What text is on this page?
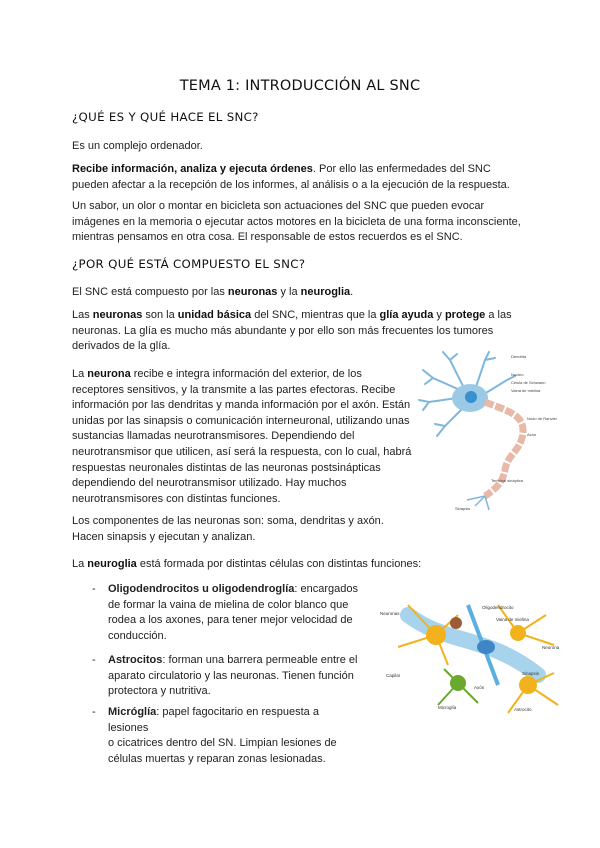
TEMA 1: INTRODUCCIÓN AL SNC
¿QUÉ ES Y QUÉ HACE EL SNC?
Es un complejo ordenador.
Recibe información, analiza y ejecuta órdenes. Por ello las enfermedades del SNC
pueden afectar a la recepción de los informes, al análisis o a la ejecución de la respuesta.
Un sabor, un olor o montar en bicicleta son actuaciones del SNC que pueden evocar
imágenes en la memoria o ejecutar actos motores en la bicicleta de una forma inconsciente,
mientras pensamos en otra cosa. El responsable de estos recuerdos es el SNC.
¿POR QUÉ ESTÁ COMPUESTO EL SNC?
El SNC está compuesto por las neuronas y la neuroglia.
Las neuronas son la unidad básica del SNC, mientras que la glía ayuda y protege a las
neuronas. La glía es mucho más abundante y por ello son más frecuentes los tumores
derivados de la glía.
La neurona recibe e integra información del exterior, de los
receptores sensitivos, y la transmite a las partes efectoras. Recibe
información por las dendritas y manda información por el axón. Están
unidas por las sinapsis o comunicación interneuronal, utilizando unas
sustancias llamadas neurotransmisores. Dependiendo del
neurotransmisor que utilicen, así será la respuesta, con lo cual, habrá
respuestas neuronales distintas de las neuronas postsinápticas
dependiendo del neurotransmisor utilizado. Hay muchos
neurotransmisores con distintas funciones.
Los componentes de las neuronas son: soma, dendritas y axón.
Hacen sinapsis y ejecutan y analizan.
La neuroglia está formada por distintas células con distintas funciones:
- Oligodendrocitos u oligodendroglía: encargados
de formar la vaina de mielina de color blanco que
rodea a los axones, para tener mejor velocidad de
conducción.
- Astrocitos: forman una barrera permeable entre el
aparato circulatorio y las neuronas. Tienen función
protectora y nutritiva.
- Micróglía: papel fagocitario en respuesta a lesiones
o cicatrices dentro del SN. Limpian lesiones de
células muertas y reparan zonas lesionadas.
Dendrita
Núcleo
Célula de Schwann
Vaina de mielina
Nodo de Ranvier
Axón
Terminal sináptica
Sinapsis
Neuronas
Oligodendrocito
Vaina de mielina
Capilar
Microglía
Axón
Astrocito
Neurona
Sinapsis
